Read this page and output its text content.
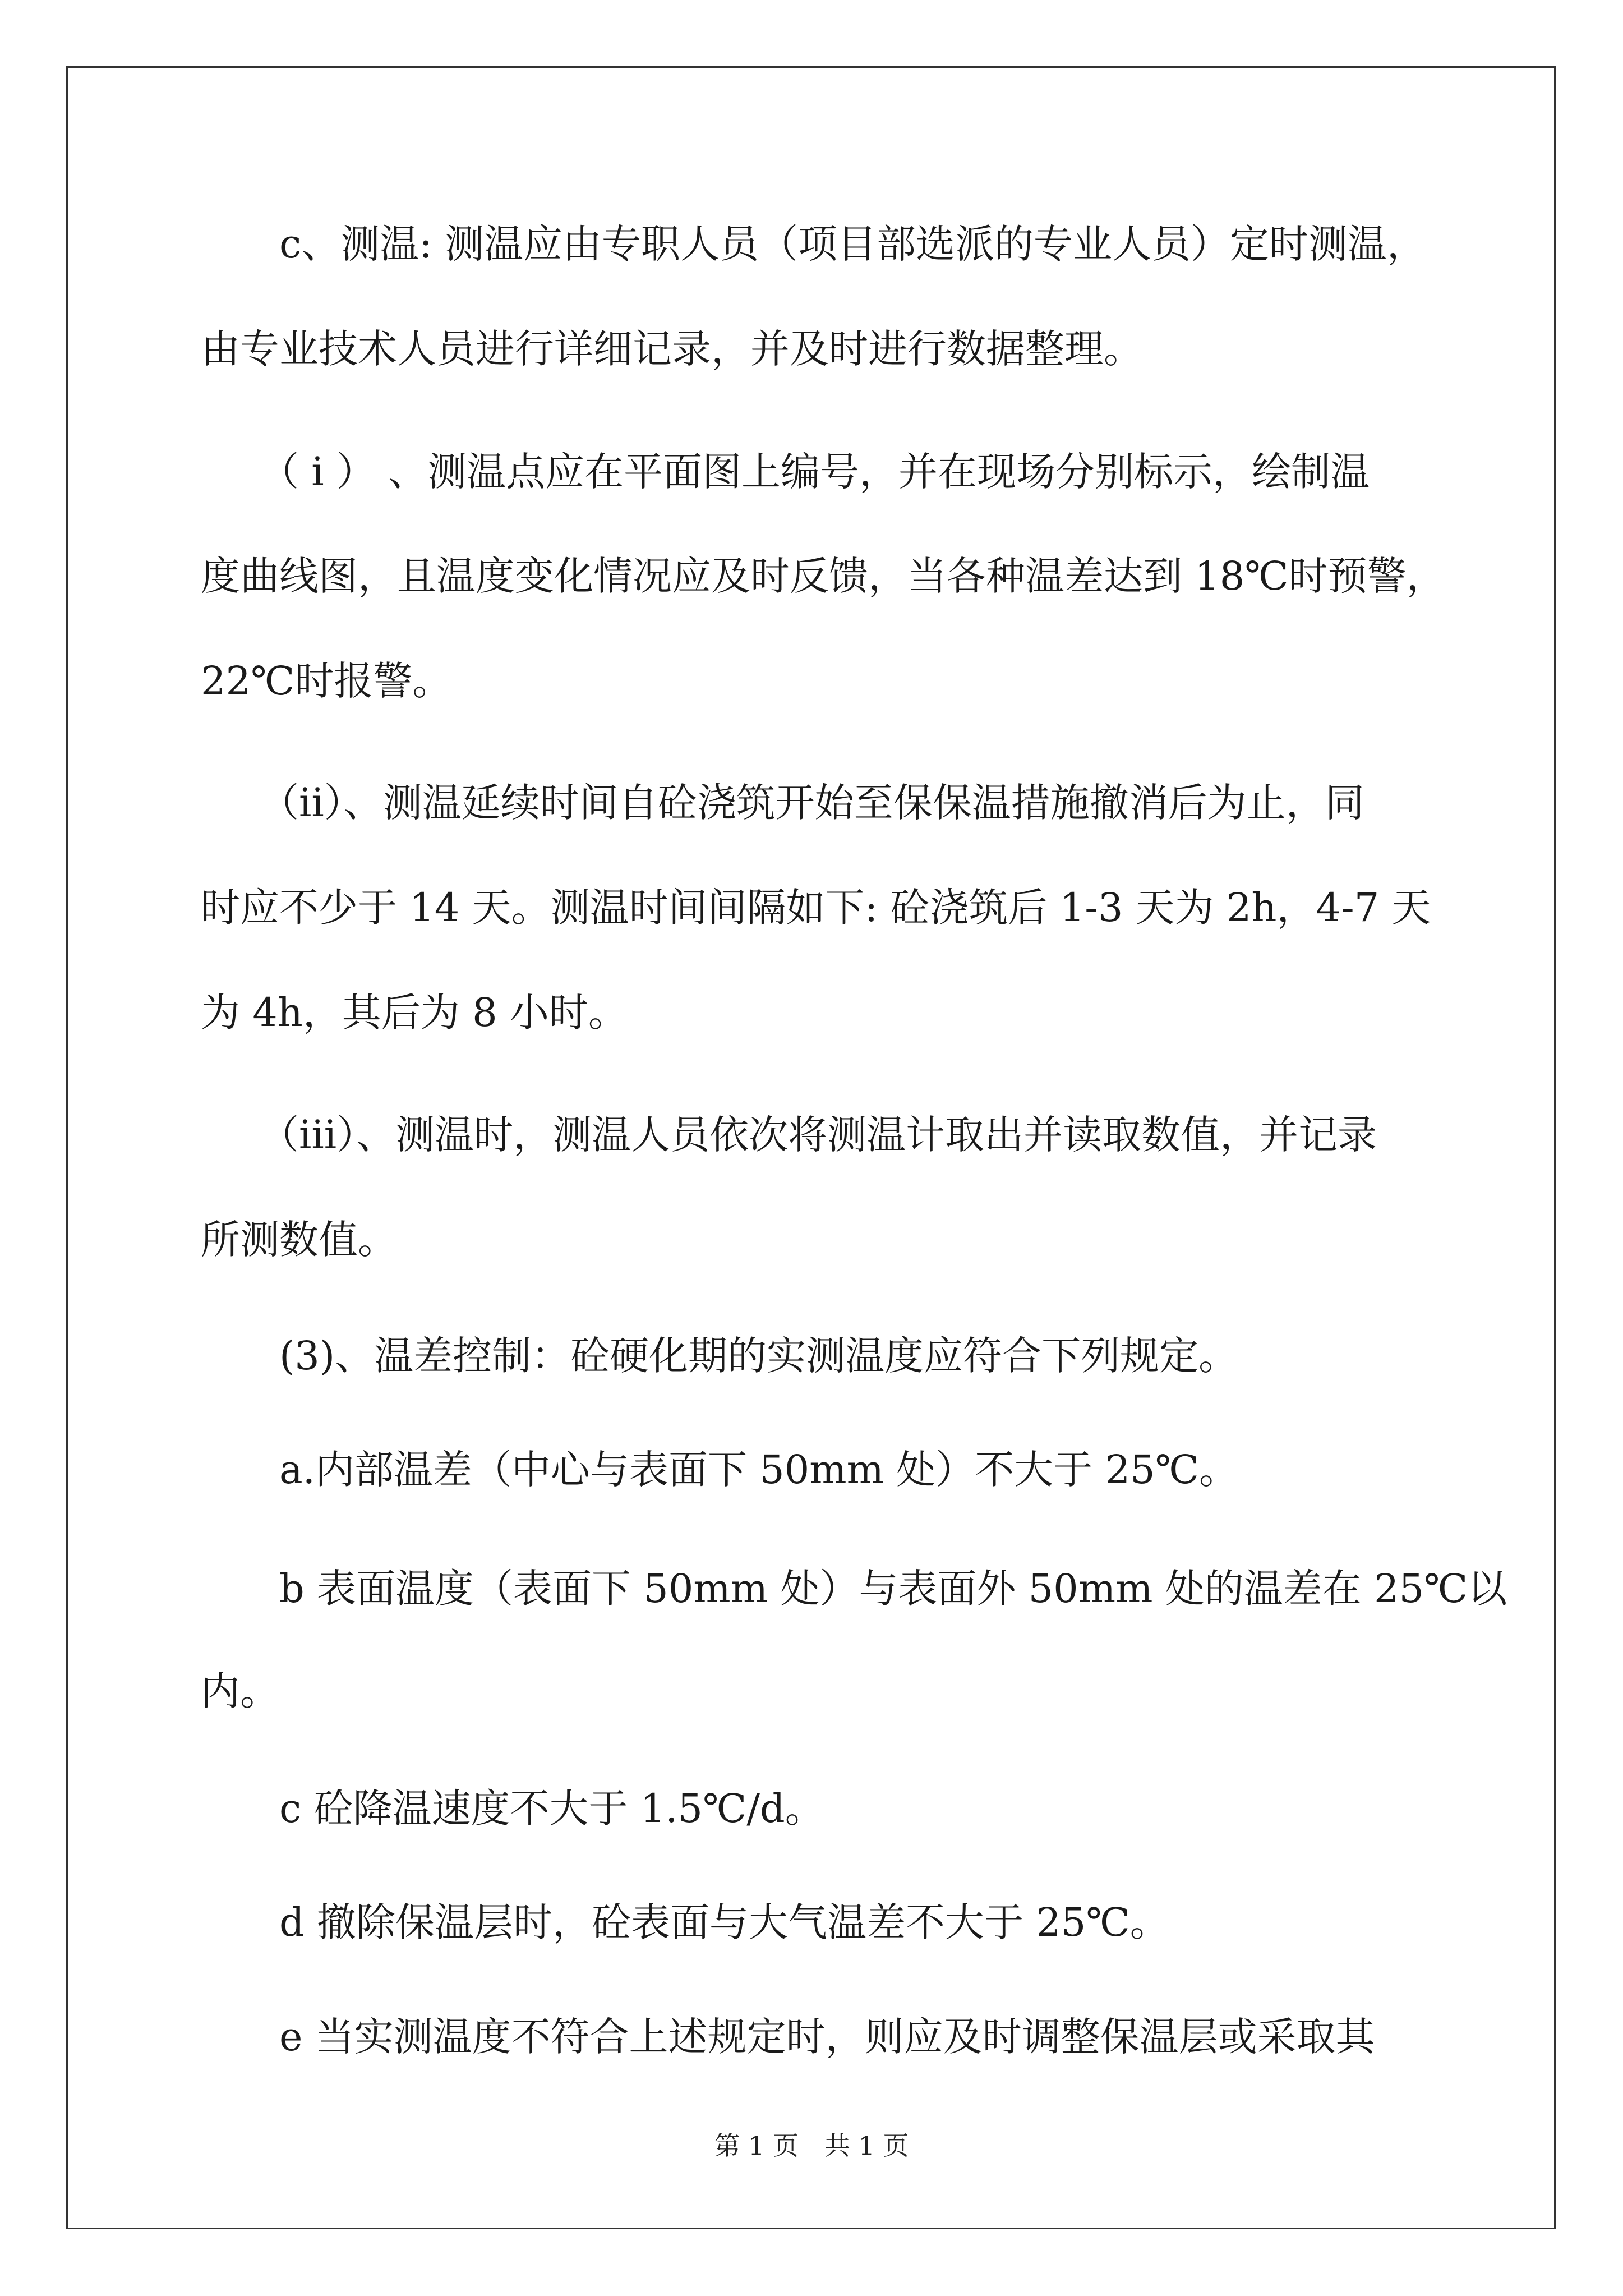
　　c、测温: 测温应由专职人员（项目部选派的专业人员）定时测温，
由专业技术人员进行详细记录，并及时进行数据整理。
　　（ i ） 、测温点应在平面图上编号，并在现场分别标示，绘制温
度曲线图，且温度变化情况应及时反馈，当各种温差达到 18℃时预警，
22℃时报警。
　　（ii）、测温延续时间自砼浇筑开始至保保温措施撤消后为止，同
时应不少于 14 天。测温时间间隔如下: 砼浇筑后 1-3 天为 2h，4-7 天
为 4h，其后为 8 小时。
　　（iii）、测温时，测温人员依次将测温计取出并读取数值，并记录
所测数值。
　　(3)、温差控制：砼硬化期的实测温度应符合下列规定。
　　a.内部温差（中心与表面下 50mm 处）不大于 25℃。
　　b 表面温度（表面下 50mm 处）与表面外 50mm 处的温差在 25℃以
内。
　　c 砼降温速度不大于 1.5℃/d。
　　d 撤除保温层时，砼表面与大气温差不大于 25℃。
　　e 当实测温度不符合上述规定时，则应及时调整保温层或采取其
第 1 页　共 1 页
